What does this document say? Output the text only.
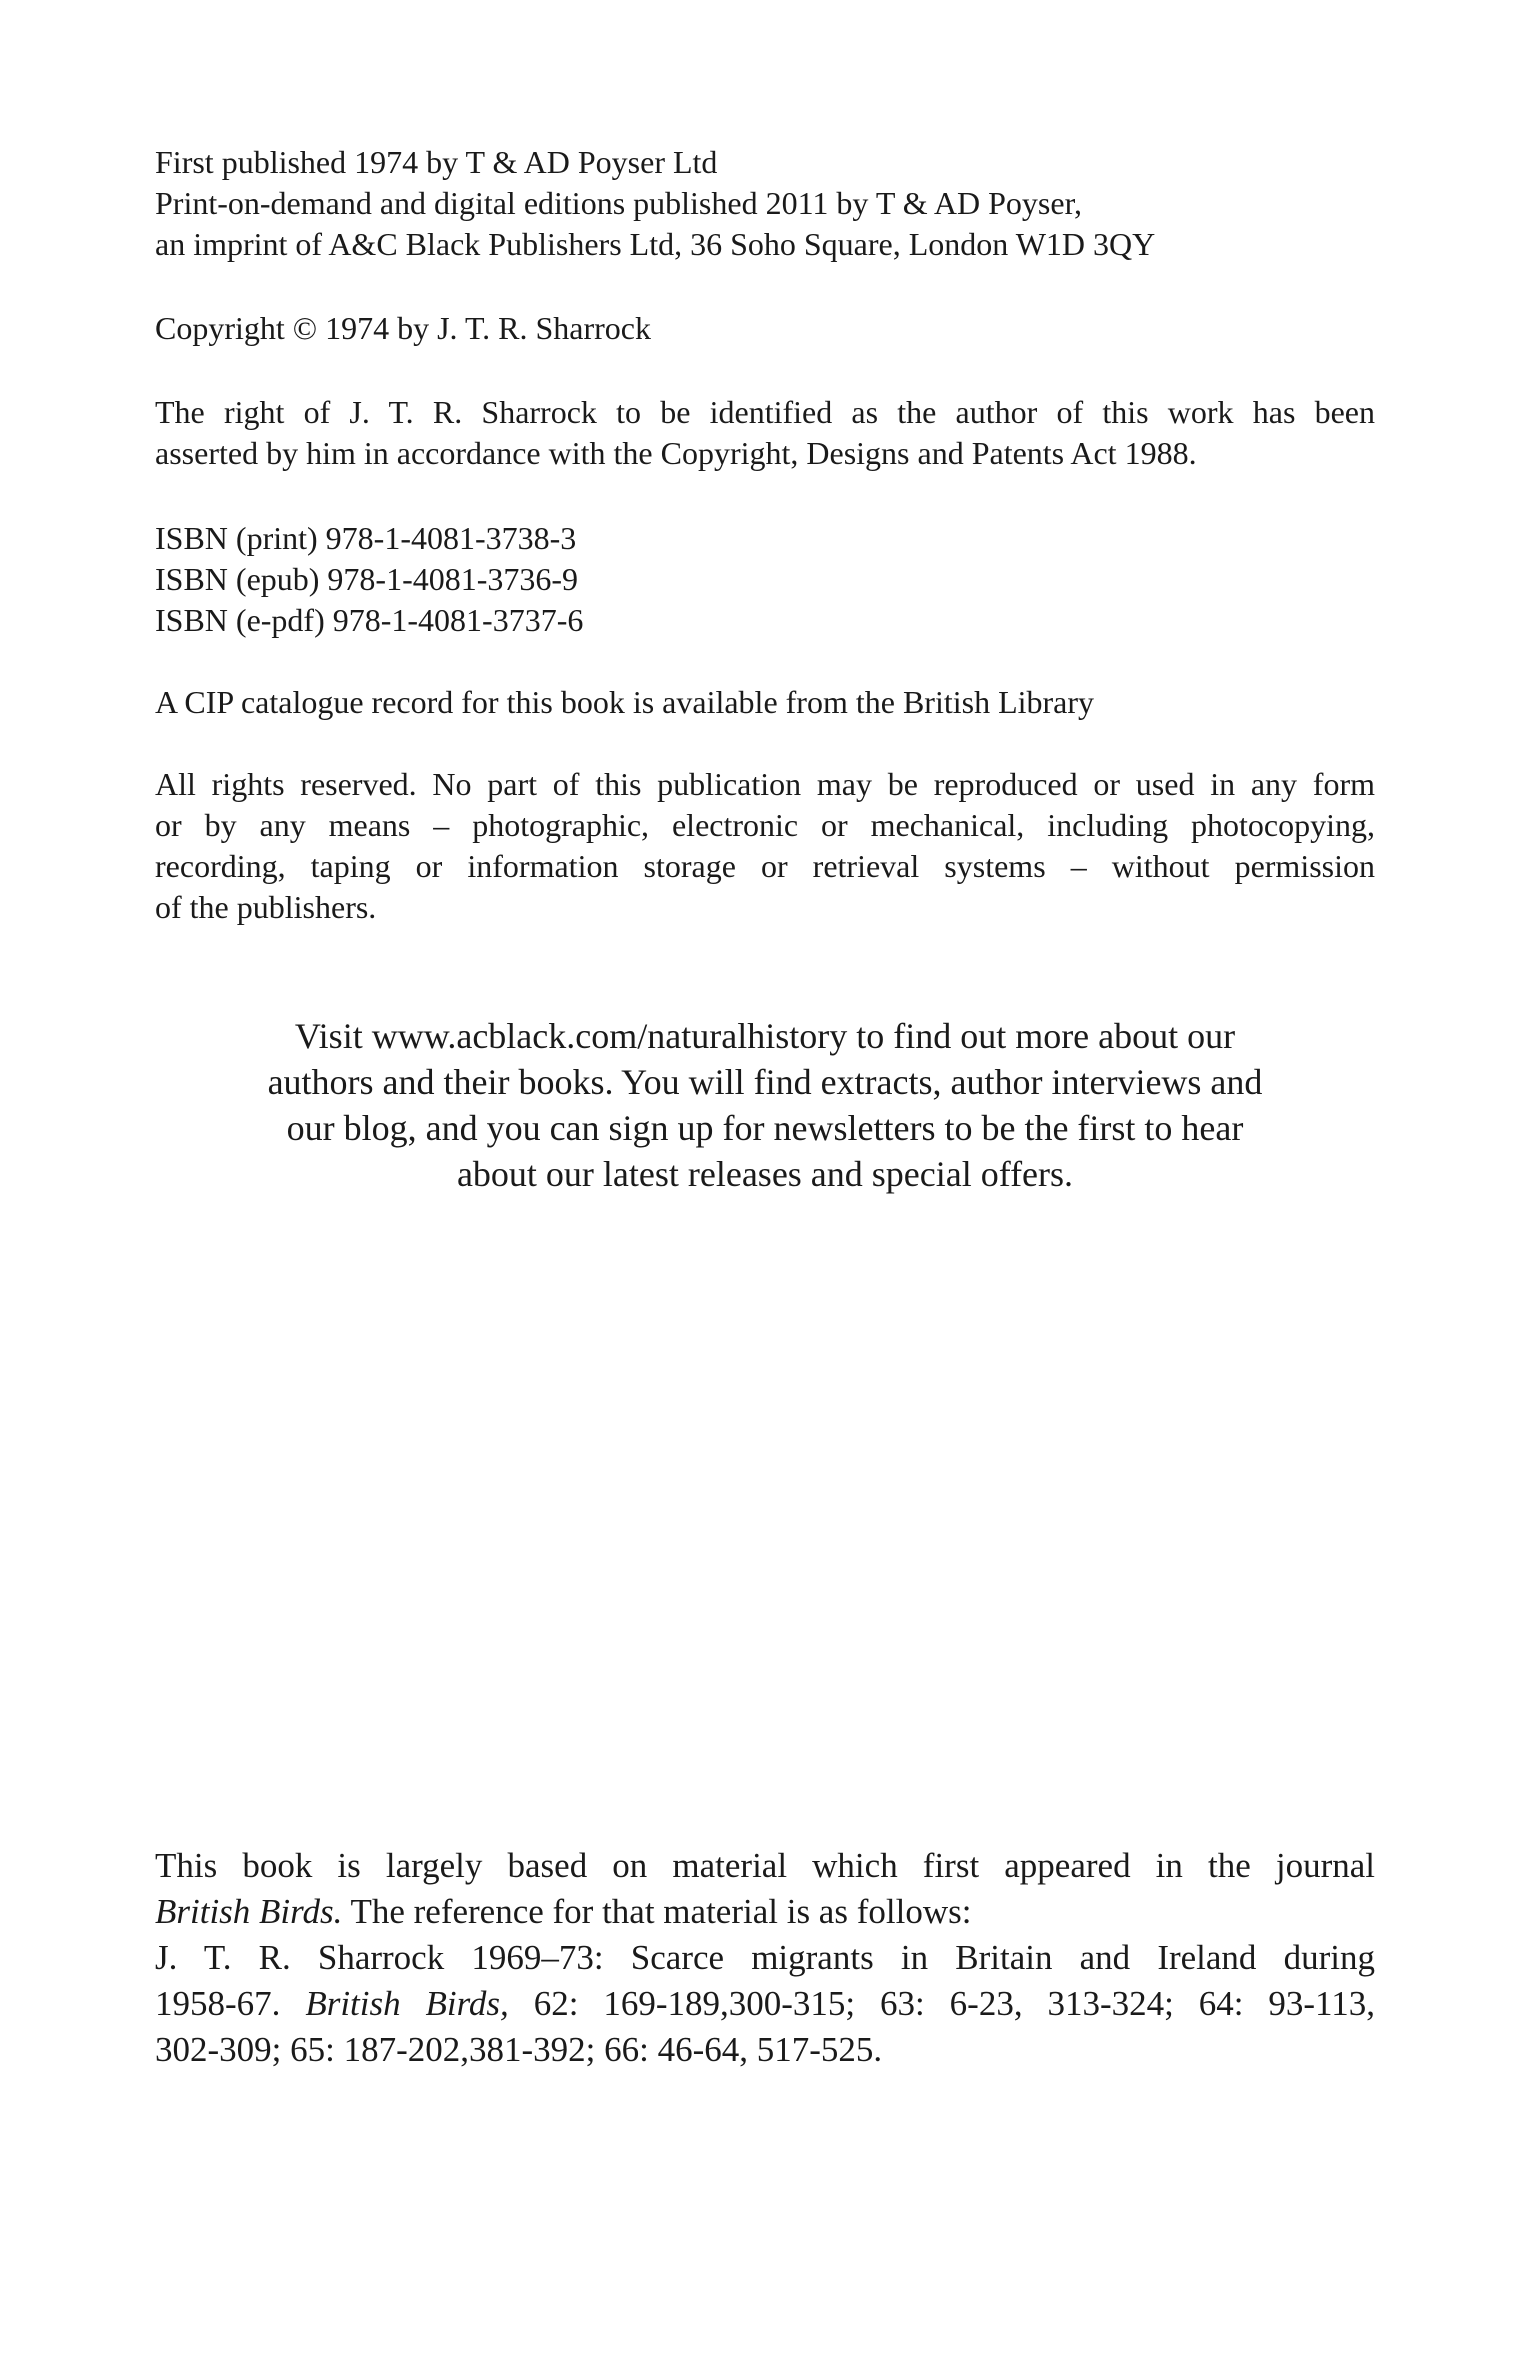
First published 1974 by T & AD Poyser Ltd
Print-on-demand and digital editions published 2011 by T & AD Poyser,
an imprint of A&C Black Publishers Ltd, 36 Soho Square, London W1D 3QY
Copyright © 1974 by J. T. R. Sharrock
The right of J. T. R. Sharrock to be identified as the author of this work has been
asserted by him in accordance with the Copyright, Designs and Patents Act 1988.
ISBN (print) 978-1-4081-3738-3
ISBN (epub) 978-1-4081-3736-9
ISBN (e-pdf) 978-1-4081-3737-6
A CIP catalogue record for this book is available from the British Library
All rights reserved. No part of this publication may be reproduced or used in any form
or by any means – photographic, electronic or mechanical, including photocopying,
recording, taping or information storage or retrieval systems – without permission
of the publishers.
Visit www.acblack.com/naturalhistory to find out more about our
authors and their books. You will find extracts, author interviews and
our blog, and you can sign up for newsletters to be the first to hear
about our latest releases and special offers.
This book is largely based on material which first appeared in the journal
British Birds. The reference for that material is as follows:
J. T. R. Sharrock 1969–73: Scarce migrants in Britain and Ireland during
1958-67. British Birds, 62: 169-189,300-315; 63: 6-23, 313-324; 64: 93-113,
302-309; 65: 187-202,381-392; 66: 46-64, 517-525.
